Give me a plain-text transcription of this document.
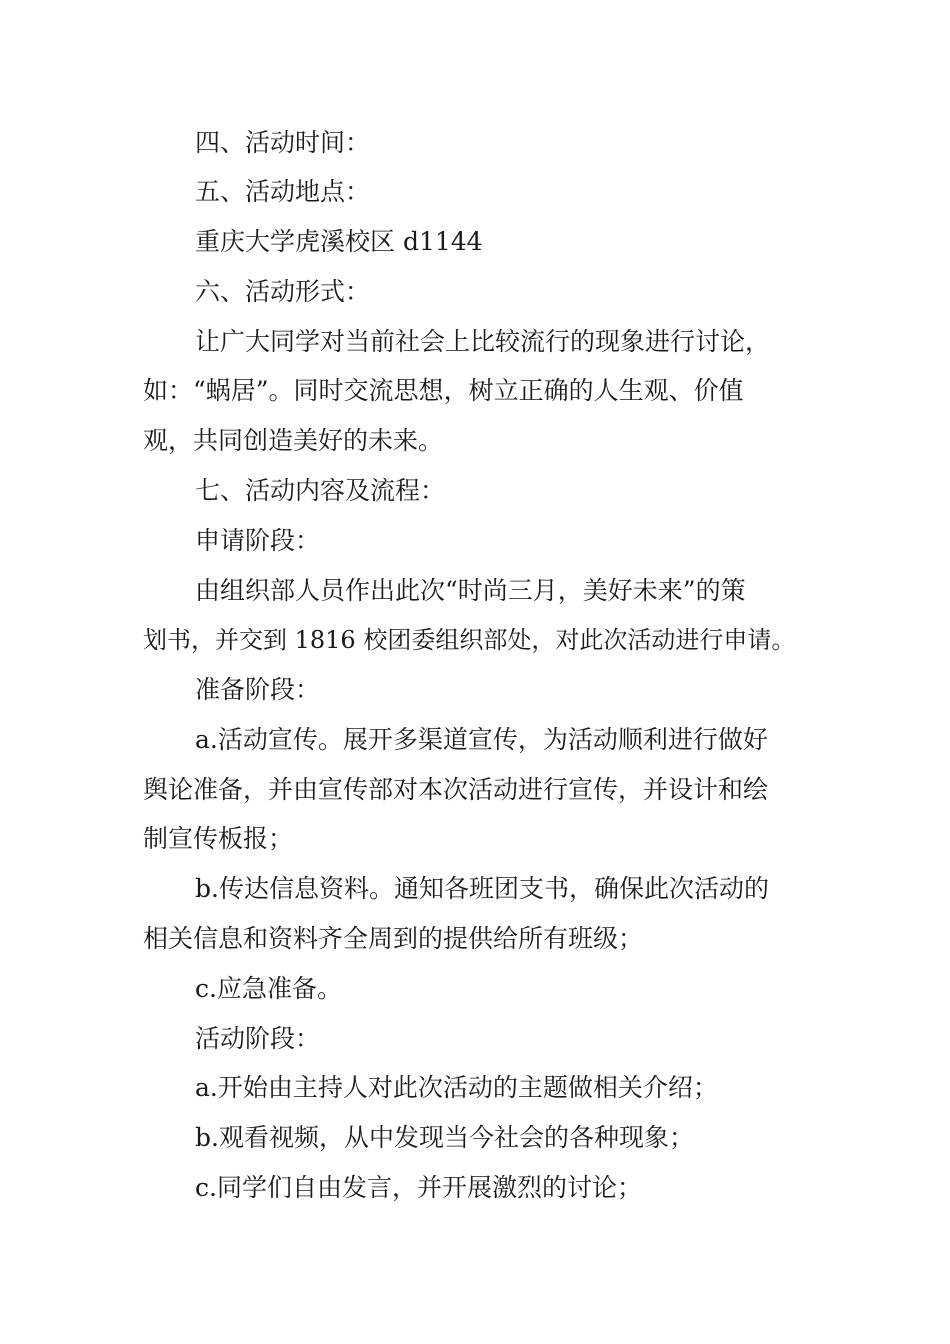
四、活动时间：
五、活动地点：
重庆大学虎溪校区 d1144
六、活动形式：
让广大同学对当前社会上比较流行的现象进行讨论，
如：“蜗居”。同时交流思想，树立正确的人生观、价值
观，共同创造美好的未来。
七、活动内容及流程：
申请阶段：
由组织部人员作出此次“时尚三月，美好未来”的策
划书，并交到 1816 校团委组织部处，对此次活动进行申请。
准备阶段：
a.活动宣传。展开多渠道宣传，为活动顺利进行做好
舆论准备，并由宣传部对本次活动进行宣传，并设计和绘
制宣传板报；
b.传达信息资料。通知各班团支书，确保此次活动的
相关信息和资料齐全周到的提供给所有班级；
c.应急准备。
活动阶段：
a.开始由主持人对此次活动的主题做相关介绍；
b.观看视频，从中发现当今社会的各种现象；
c.同学们自由发言，并开展激烈的讨论；
